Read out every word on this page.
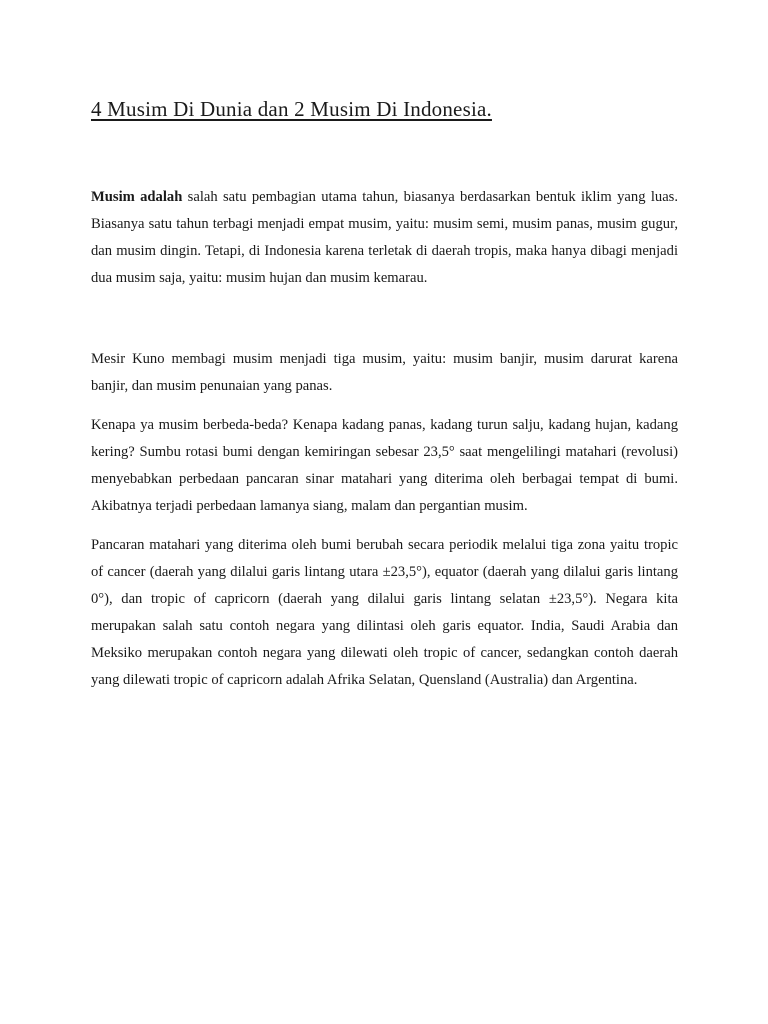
4 Musim Di Dunia dan 2 Musim Di Indonesia.

Musim adalah salah satu pembagian utama tahun, biasanya berdasarkan bentuk iklim yang luas. Biasanya satu tahun terbagi menjadi empat musim, yaitu: musim semi, musim panas, musim gugur, dan musim dingin. Tetapi, di Indonesia karena terletak di daerah tropis, maka hanya dibagi menjadi dua musim saja, yaitu: musim hujan dan musim kemarau.

Mesir Kuno membagi musim menjadi tiga musim, yaitu: musim banjir, musim darurat karena banjir, dan musim penunaian yang panas.

Kenapa ya musim berbeda-beda? Kenapa kadang panas, kadang turun salju, kadang hujan, kadang kering? Sumbu rotasi bumi dengan kemiringan sebesar 23,5° saat mengelilingi matahari (revolusi) menyebabkan perbedaan pancaran sinar matahari yang diterima oleh berbagai tempat di bumi. Akibatnya terjadi perbedaan lamanya siang, malam dan pergantian musim.

Pancaran matahari yang diterima oleh bumi berubah secara periodik melalui tiga zona yaitu tropic of cancer (daerah yang dilalui garis lintang utara ±23,5°), equator (daerah yang dilalui garis lintang 0°), dan tropic of capricorn (daerah yang dilalui garis lintang selatan ±23,5°). Negara kita merupakan salah satu contoh negara yang dilintasi oleh garis equator. India, Saudi Arabia dan Meksiko merupakan contoh negara yang dilewati oleh tropic of cancer, sedangkan contoh daerah yang dilewati tropic of capricorn adalah Afrika Selatan, Quensland (Australia) dan Argentina.
